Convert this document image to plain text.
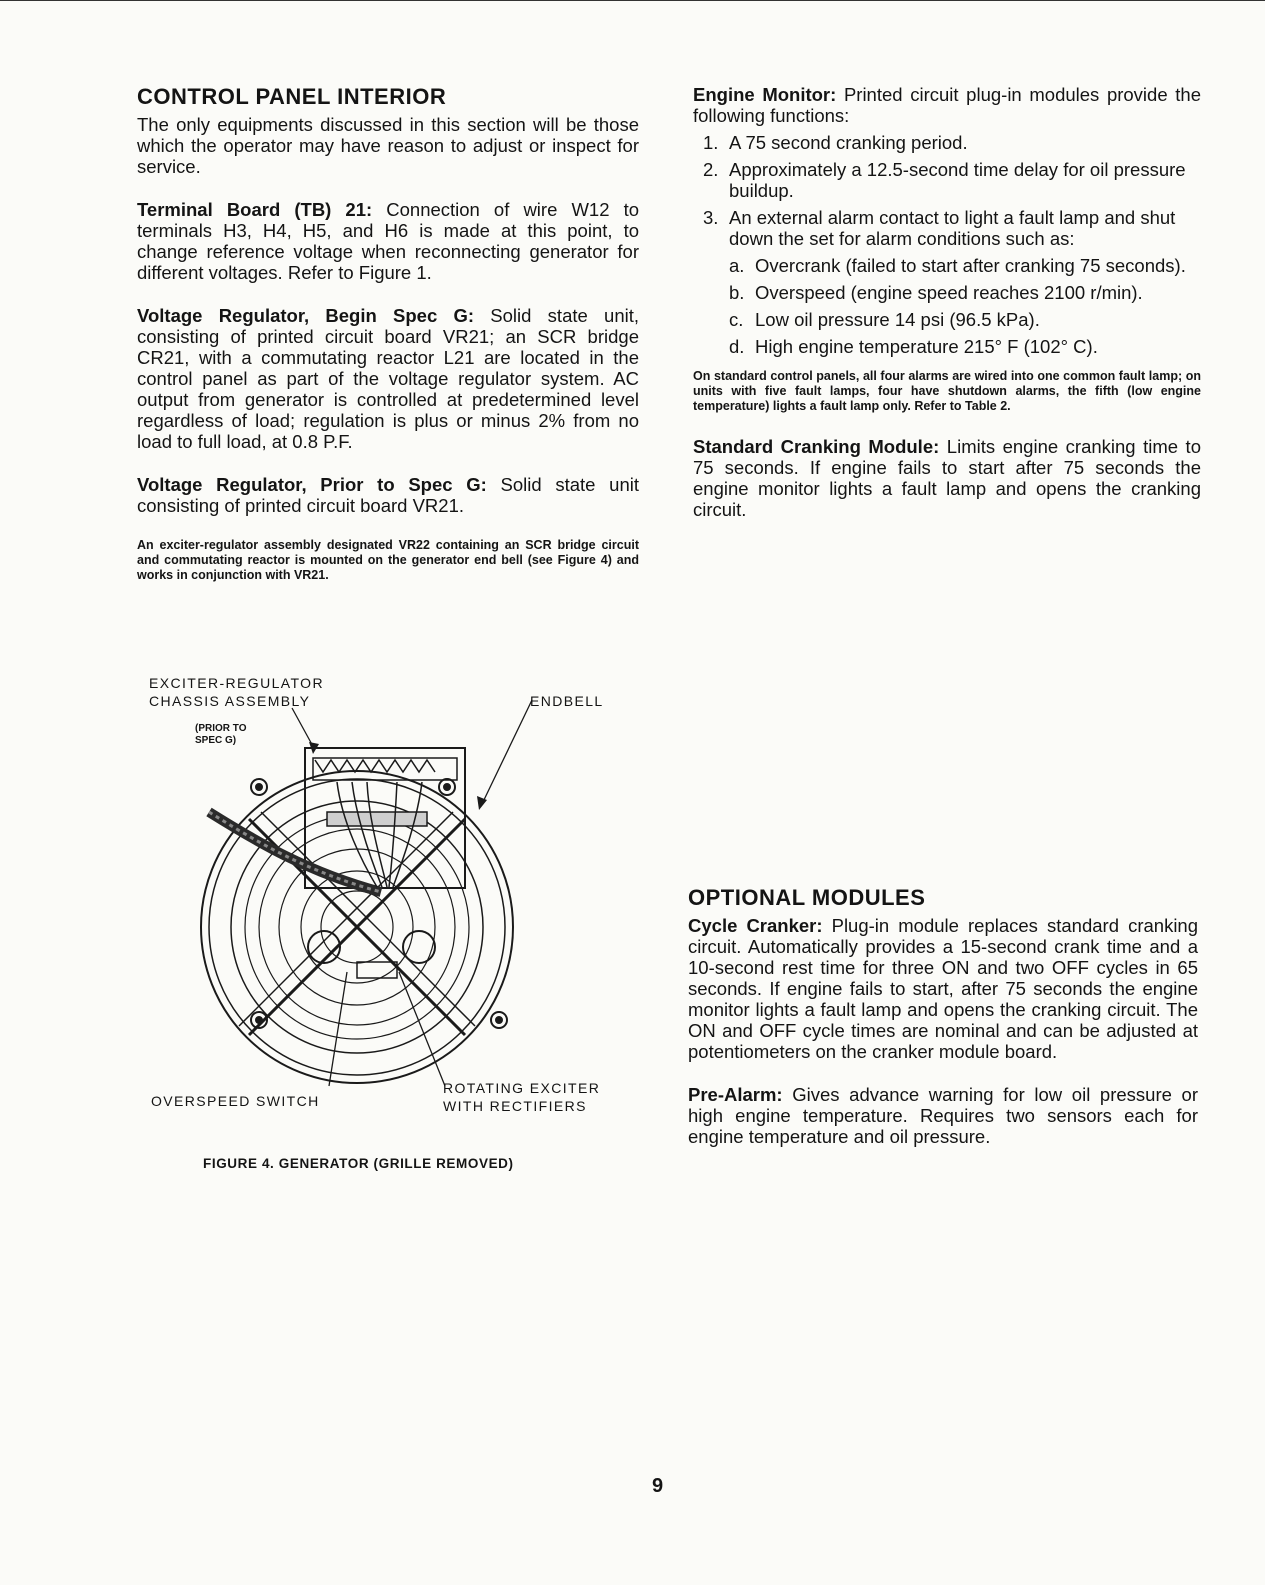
CONTROL PANEL INTERIOR

The only equipments discussed in this section will be those which the operator may have reason to adjust or inspect for service.

Terminal Board (TB) 21: Connection of wire W12 to terminals H3, H4, H5, and H6 is made at this point, to change reference voltage when reconnecting generator for different voltages. Refer to Figure 1.

Voltage Regulator, Begin Spec G: Solid state unit, consisting of printed circuit board VR21; an SCR bridge CR21, with a commutating reactor L21 are located in the control panel as part of the voltage regulator system. AC output from generator is controlled at predetermined level regardless of load; regulation is plus or minus 2% from no load to full load, at 0.8 P.F.

Voltage Regulator, Prior to Spec G: Solid state unit consisting of printed circuit board VR21.

An exciter-regulator assembly designated VR22 containing an SCR bridge circuit and commutating reactor is mounted on the generator end bell (see Figure 4) and works in conjunction with VR21.
EXCITER-REGULATOR
CHASSIS ASSEMBLY
(PRIOR TO
SPEC G)
ENDBELL
OVERSPEED SWITCH
ROTATING EXCITER
WITH RECTIFIERS
FIGURE 4. GENERATOR (GRILLE REMOVED)

Engine Monitor: Printed circuit plug-in modules provide the following functions:

1. A 75 second cranking period.
2. Approximately a 12.5-second time delay for oil pressure buildup.
3. An external alarm contact to light a fault lamp and shut down the set for alarm conditions such as:
a. Overcrank (failed to start after cranking 75 seconds).
b. Overspeed (engine speed reaches 2100 r/min).
c. Low oil pressure 14 psi (96.5 kPa).
d. High engine temperature 215° F (102° C).
On standard control panels, all four alarms are wired into one common fault lamp; on units with five fault lamps, four have shutdown alarms, the fifth (low engine temperature) lights a fault lamp only. Refer to Table 2.

Standard Cranking Module: Limits engine cranking time to 75 seconds. If engine fails to start after 75 seconds the engine monitor lights a fault lamp and opens the cranking circuit.

OPTIONAL MODULES

Cycle Cranker: Plug-in module replaces standard cranking circuit. Automatically provides a 15-second crank time and a 10-second rest time for three ON and two OFF cycles in 65 seconds. If engine fails to start, after 75 seconds the engine monitor lights a fault lamp and opens the cranking circuit. The ON and OFF cycle times are nominal and can be adjusted at potentiometers on the cranker module board.

Pre-Alarm: Gives advance warning for low oil pressure or high engine temperature. Requires two sensors each for engine temperature and oil pressure.

9
